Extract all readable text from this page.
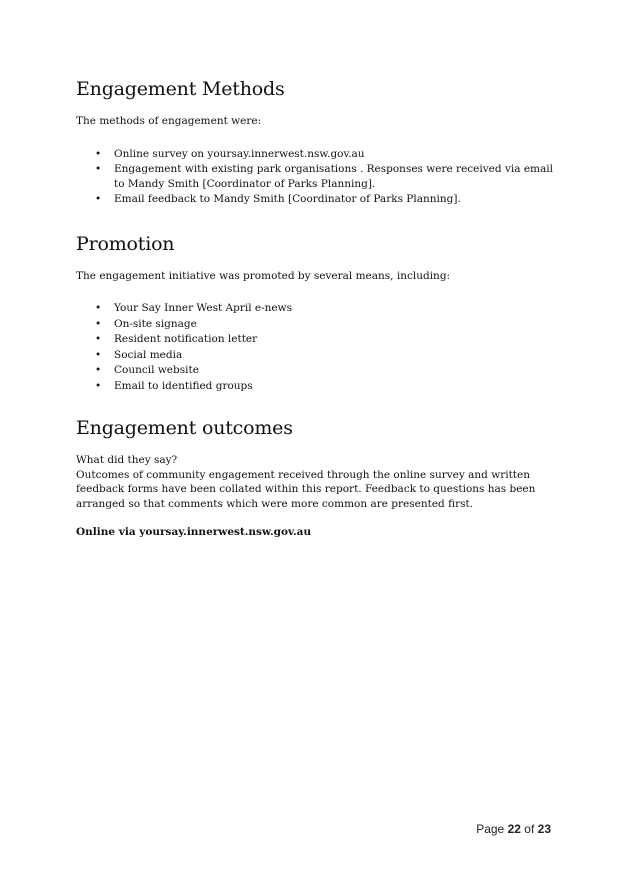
Engagement Methods

The methods of engagement were:

• Online survey on yoursay.innerwest.nsw.gov.au
• Engagement with existing park organisations . Responses were received via email to Mandy Smith [Coordinator of Parks Planning].
• Email feedback to Mandy Smith [Coordinator of Parks Planning].
Promotion

The engagement initiative was promoted by several means, including:

• Your Say Inner West April e-news
• On-site signage
• Resident notification letter
• Social media
• Council website
• Email to identified groups
Engagement outcomes

What did they say?

Outcomes of community engagement received through the online survey and written feedback forms have been collated within this report. Feedback to questions has been arranged so that comments which were more common are presented first.

Online via yoursay.innerwest.nsw.gov.au

Page 22 of 23
